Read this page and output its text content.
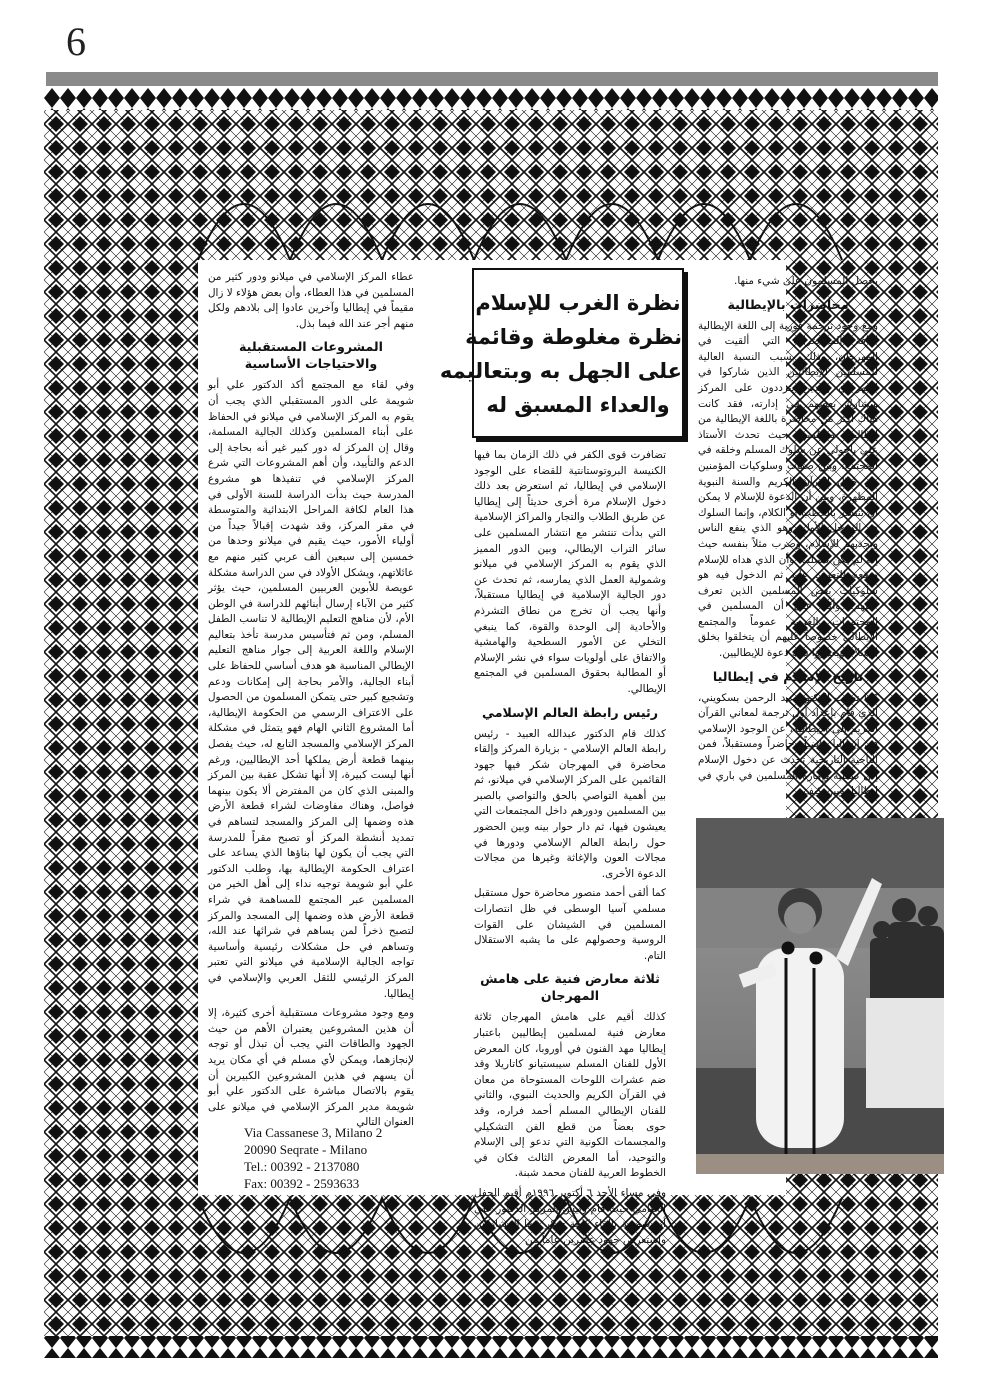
6

عطاء المركز الإسلامي في ميلانو ودور كثير من المسلمين في هذا العطاء، وأن بعض هؤلاء لا زال مقيماً في إيطاليا وآخرين عادوا إلى بلادهم ولكل منهم أجر عند الله فيما بذل.

المشروعات المستقبلية والاحتياجات الأساسية

وفي لقاء مع المجتمع أكد الدكتور علي أبو شويمة على الدور المستقبلي الذي يجب أن يقوم به المركز الإسلامي في ميلانو في الحفاظ على أبناء المسلمين وكذلك الجالية المسلمة، وقال إن المركز له دور كبير غير أنه بحاجة إلى الدعم والتأييد، وأن أهم المشروعات التي شرع المركز الإسلامي في تنفيذها هو مشروع المدرسة حيث بدأت الدراسة للسنة الأولى في هذا العام لكافة المراحل الابتدائية والمتوسطة في مقر المركز، وقد شهدت إقبالاً جيداً من أولياء الأمور، حيث يقيم في ميلانو وحدها من خمسين إلى سبعين ألف عربي كثير منهم مع عائلاتهم، ويشكل الأولاد في سن الدراسة مشكلة عويصة للأبوين العربيين المسلمين، حيث يؤثر كثير من الآباء إرسال أبنائهم للدراسة في الوطن الأم، لأن مناهج التعليم الإيطالية لا تناسب الطفل المسلم، ومن ثم فتأسيس مدرسة تأخذ بتعاليم الإسلام واللغة العربية إلى جوار مناهج التعليم الإيطالي المناسبة هو هدف أساسي للحفاظ على أبناء الجالية، والأمر بحاجة إلى إمكانات ودعم وتشجيع كبير حتى يتمكن المسلمون من الحصول على الاعتراف الرسمي من الحكومة الإيطالية، أما المشروع الثاني الهام فهو يتمثل في مشكلة المركز الإسلامي والمسجد التابع له، حيث يفصل بينهما قطعة أرض يملكها أحد الإيطاليين، ورغم أنها ليست كبيرة، إلا أنها تشكل عقبة بين المركز والمبنى الذي كان من المفترض ألا يكون بينهما فواصل، وهناك مفاوضات لشراء قطعة الأرض هذه وضمها إلى المركز والمسجد لتساهم في تمديد أنشطة المركز أو تصبح مقراً للمدرسة التي يجب أن يكون لها بناؤها الذي يساعد على اعتراف الحكومة الإيطالية بها، وطلب الدكتور علي أبو شويمة توجيه نداء إلى أهل الخير من المسلمين عبر المجتمع للمساهمة في شراء قطعة الأرض هذه وضمها إلى المسجد والمركز لتصبح ذخراً لمن يساهم في شرائها عند الله، وتساهم في حل مشكلات رئيسية وأساسية تواجه الجالية الإسلامية في ميلانو التي تعتبر المركز الرئيسي للثقل العربي والإسلامي في إيطاليا.

ومع وجود مشروعات مستقبلية أخرى كثيرة، إلا أن هذين المشروعين يعتبران الأهم من حيث الجهود والطاقات التي يجب أن تبذل أو توجه لإنجازهما، ويمكن لأي مسلم في أي مكان يريد أن يسهم في هذين المشروعين الكبيرين أن يقوم بالاتصال مباشرة على الدكتور علي أبو شويمة مدير المركز الإسلامي في ميلانو على العنوان التالي

نظرة الغرب للإسلام
نظرة مغلوطة وقائمة
على الجهل به وبتعاليمه
والعداء المسبق له

تضافرت قوى الكفر في ذلك الزمان بما فيها الكنيسة البروتوستانتية للقضاء على الوجود الإسلامي في إيطاليا، ثم استعرض بعد ذلك دخول الإسلام مرة أخرى حديثاً إلى إيطاليا عن طريق الطلاب والتجار والمراكز الإسلامية التي بدأت تنتشر مع انتشار المسلمين على سائر التراب الإيطالي، وبين الدور المميز الذي يقوم به المركز الإسلامي في ميلانو وشمولية العمل الذي يمارسه، ثم تحدث عن دور الجالية الإسلامية في إيطاليا مستقبلاً، وأنها يجب أن تخرج من نطاق التشرذم والأحادية إلى الوحدة والقوة، كما ينبغي التخلي عن الأمور السطحية والهامشية والاتفاق على أولويات سواء في نشر الإسلام أو المطالبة بحقوق المسلمين في المجتمع الإيطالي.

رئيس رابطة العالم الإسلامي

كذلك قام الدكتور عبدالله العبيد - رئيس رابطة العالم الإسلامي - بزيارة المركز وإلقاء محاضرة في المهرجان شكر فيها جهود القائمين على المركز الإسلامي في ميلانو، ثم بين أهمية التواصي بالحق والتواصي بالصبر بين المسلمين ودورهم داخل المجتمعات التي يعيشون فيها، ثم دار حوار بينه وبين الحضور حول رابطة العالم الإسلامي ودورها في مجالات العون والإغاثة وغيرها من مجالات الدعوة الأخرى.

كما ألقى أحمد منصور محاضرة حول مستقبل مسلمي آسيا الوسطى في ظل انتصارات المسلمين في الشيشان على القوات الروسية وحصولهم على ما يشبه الاستقلال التام.

ثلاثة معارض فنية على هامش المهرجان

كذلك أقيم على هامش المهرجان ثلاثة معارض فنية لمسلمين إيطاليين باعتبار إيطاليا مهد الفنون في أوروبا، كان المعرض الأول للفنان المسلم سيبستيانو كاتاريلا وقد ضم عشرات اللوحات المستوحاة من معان في القرآن الكريم والحديث النبوي، والثاني للفنان الإيطالي المسلم أحمد فراره، وقد حوى بعضاً من قطع الفن التشكيلي والمجسمات الكونية التي تدعو إلى الإسلام والتوحيد، أما المعرض الثالث فكان في الخطوط العربية للفنان محمد شبنة.

وفي مساء الأحد ٦ أكتوبر ١٩٩٦م أقيم الحفل الختامي حيث قام رئيس المركز الدكتور علي أبو شويمة بإلقاء كلمة شكر فيها المشاركين واستعرض جهود عشرين عاماً من

يحصل المسلمون على شيء منها.

محاضرات بالإيطالية

ومع وجود ترجمة فورية إلى اللغة الإيطالية لكافة المحاضرات التي ألقيت في المهرجان، وذلك بسبب النسبة العالية للمسلمين الإيطاليين الذين شاركوا في المهرجان والذين يترددون على المركز ويشارك بعضهم في إدارته، فقد كانت هناك أكثر من محاضرة باللغة الإيطالية من إيطاليين مسلمين، حيث تحدث الأستاذ علي باجولي عن سلوك المسلم وخلقه في المجتمع، وبين صفات وسلوكيات المؤمنين من خلال القرآن الكريم والسنة النبوية المطهرة، وبين أن الدعوة للإسلام لا يمكن أن تنتشر بالخطب أو الكلام، وإنما السلوك هو المدخل الأول، وهو الذي ينفع الناس ويجذبهم للإسلام، وضرب مثلاً بنفسه حيث إنه لم يكن مسلماً، وأن الذي هداه للإسلام ودفعه للتعرف عليه ثم الدخول فيه هو سلوكيات بعض المسلمين الذين تعرف عليهم، وأكد على أن المسلمين في المجتمعات الغربية عموماً والمجتمع الإيطالي خصوصاً عليهم أن يتخلقوا بخلق الإسلام ويعتبروا ذلك دعوة للإيطاليين.

تاريخ الإسلام في إيطاليا

كما تحدث الدكتور عبد الرحمن بسكويني، الذي قام بإعداد أول ترجمة لمعاني القرآن الكريم إلى الإيطالية، عن الوجود الإسلامي في إيطاليا ماضياً وحاضراً ومستقبلاً، فمن الناحية التاريخية تحدث عن دخول الإسلام إلى صقلية وإمارة المسلمين في باري في إيطاليا، وبين كيف

Via Cassanese 3, Milano 2
20090 Seqrate - Milano
Tel.: 00392 - 2137080
Fax: 00392 - 2593633
